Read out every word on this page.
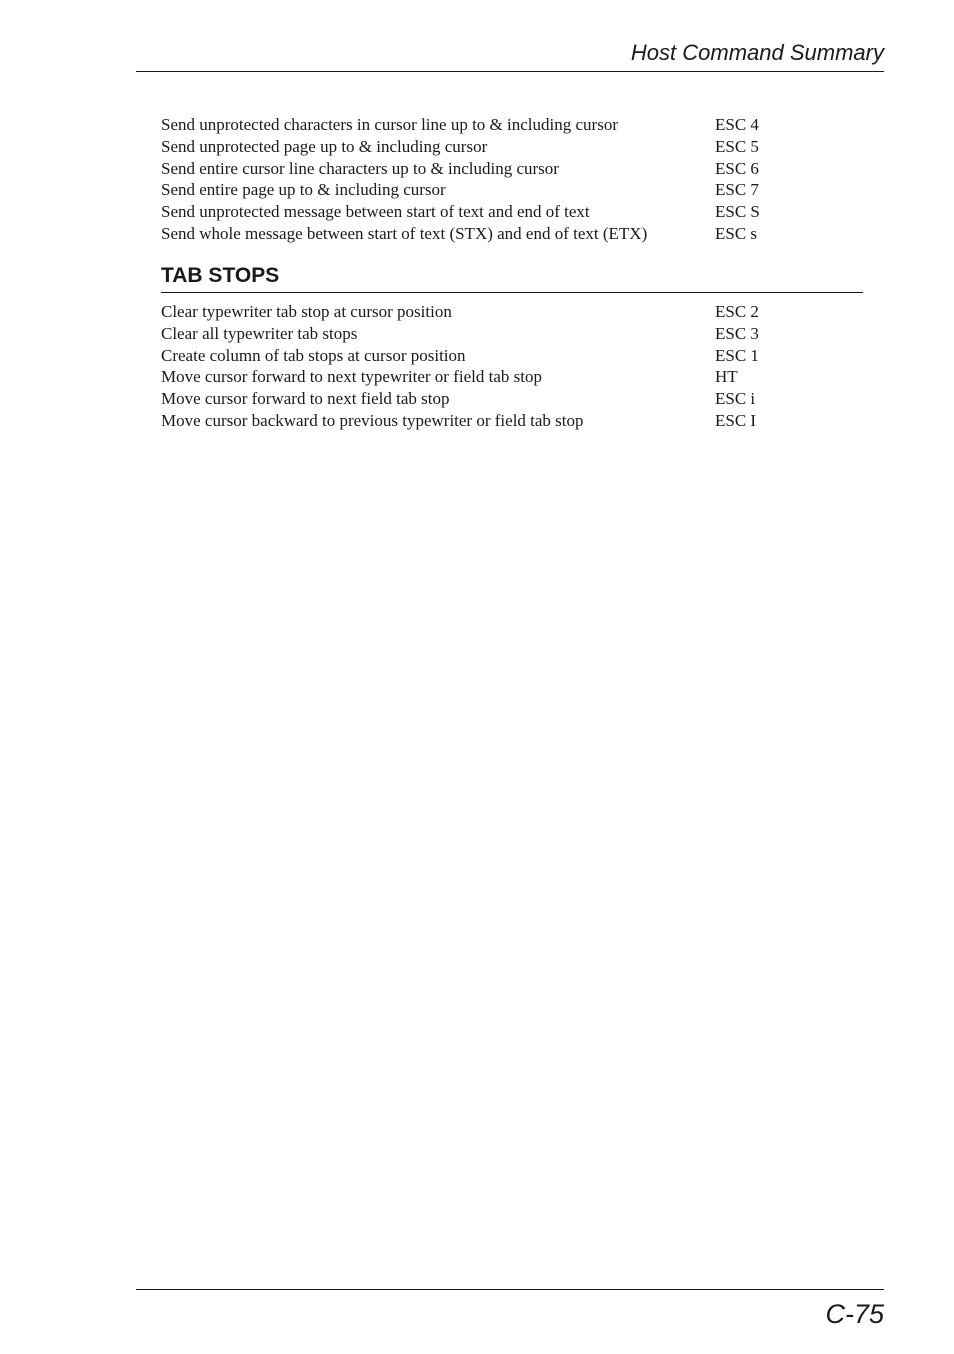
Host Command Summary
Send unprotected characters in cursor line up to & including cursor	ESC 4
Send unprotected page up to & including cursor	ESC 5
Send entire cursor line characters up to & including cursor	ESC 6
Send entire page up to & including cursor	ESC 7
Send unprotected message between start of text and end of text	ESC S
Send whole message between start of text (STX) and end of text (ETX)	ESC s
TAB STOPS
Clear typewriter tab stop at cursor position	ESC 2
Clear all typewriter tab stops	ESC 3
Create column of tab stops at cursor position	ESC 1
Move cursor forward to next typewriter or field tab stop	HT
Move cursor forward to next field tab stop	ESC i
Move cursor backward to previous typewriter or field tab stop	ESC I
C-75
